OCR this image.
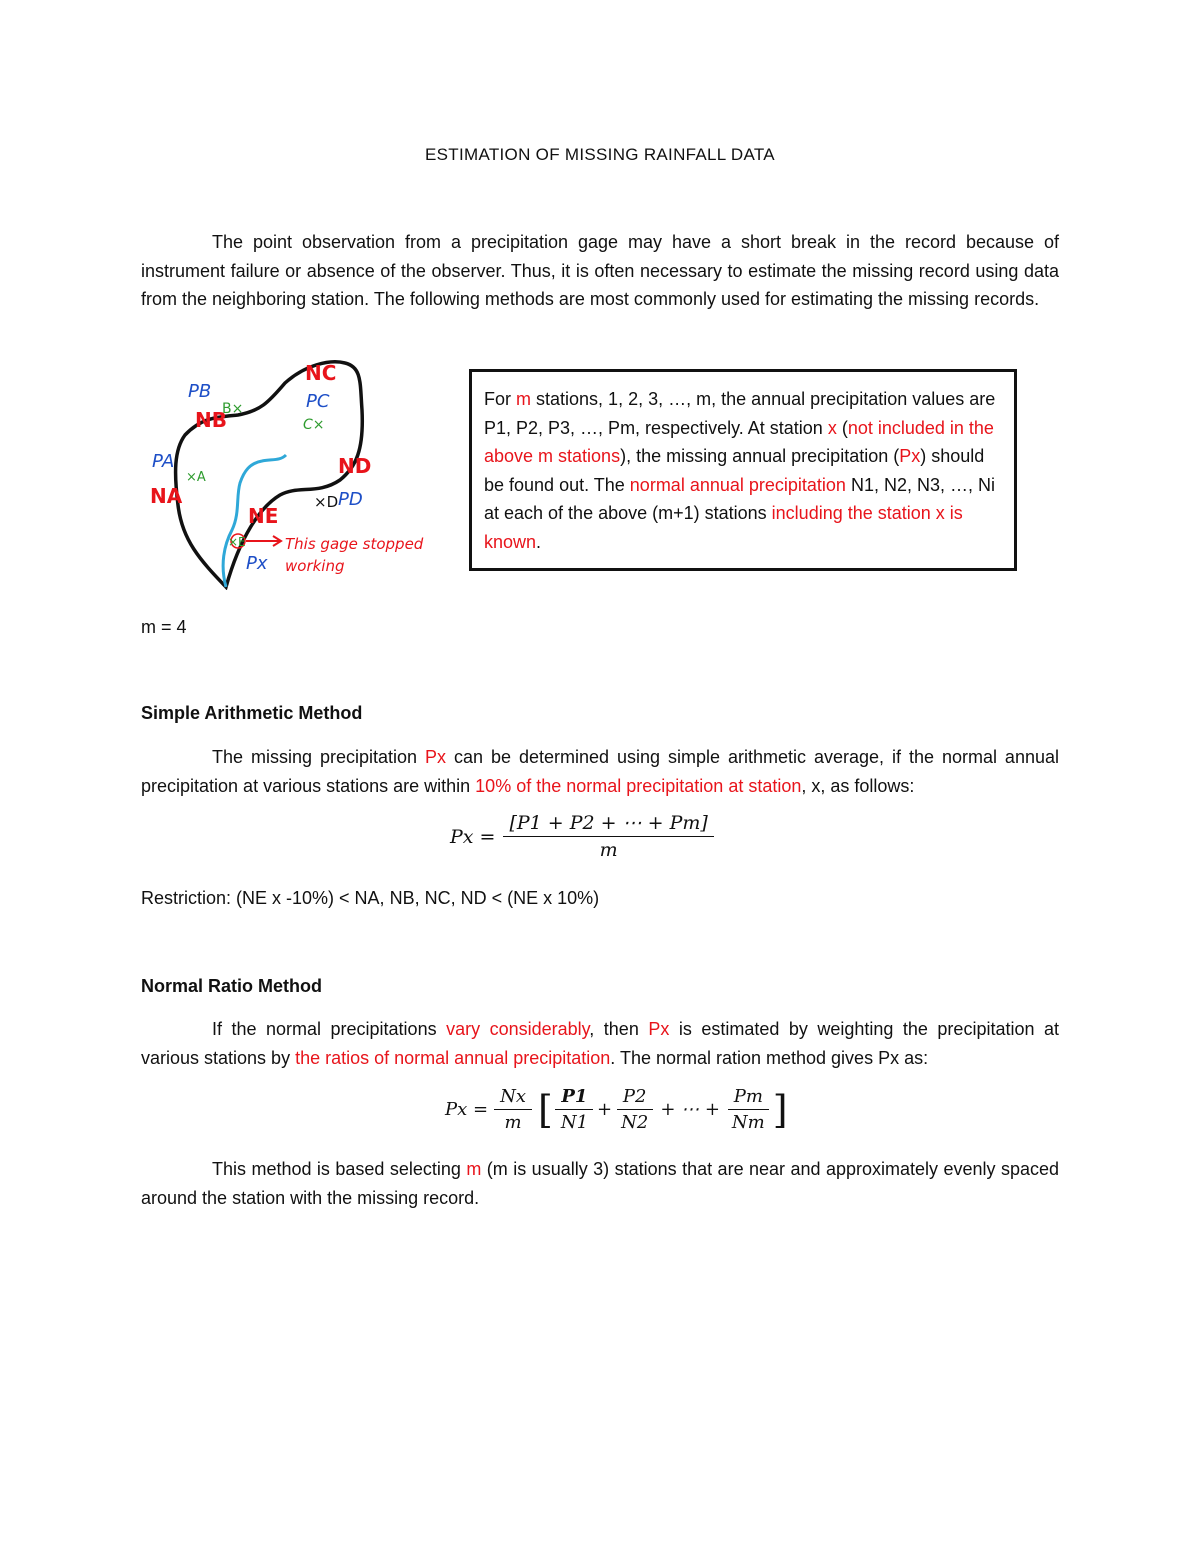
ESTIMATION OF MISSING RAINFALL DATA
The point observation from a precipitation gage may have a short break in the record because of instrument failure or absence of the observer. Thus, it is often necessary to estimate the missing record using data from the neighboring station. The following methods are most commonly used for estimating the missing records.
PB
NB
B×
NC
PC
C×
PA
NA
×A	ND
×D PD
NE
×E
Px
This gage stopped
working
For m stations, 1, 2, 3, …, m, the annual precipitation values are P1, P2, P3, …, Pm, respectively. At station x (not included in the above m stations), the missing annual precipitation (Px) should be found out. The normal annual precipitation N1, N2, N3, …, Ni at each of the above (m+1) stations including the station x is known.
m = 4
Simple Arithmetic Method
The missing precipitation Px can be determined using simple arithmetic average, if the normal annual precipitation at various stations are within 10% of the normal precipitation at station, x, as follows:
$Px = \frac{[P1 + P2 + \cdots + Pm]}{m}$
Restriction: (NE x -10%) < NA, NB, NC, ND < (NE x 10%)
Normal Ratio Method
If the normal precipitations vary considerably, then Px is estimated by weighting the precipitation at various stations by the ratios of normal annual precipitation. The normal ration method gives Px as:
$Px = \frac{Nx}{m}$ [ $\frac{P1}{N1} + \frac{P2}{N2}$ + ⋯ + $\frac{Pm}{Nm}$ ]
This method is based selecting m (m is usually 3) stations that are near and approximately evenly spaced around the station with the missing record.
